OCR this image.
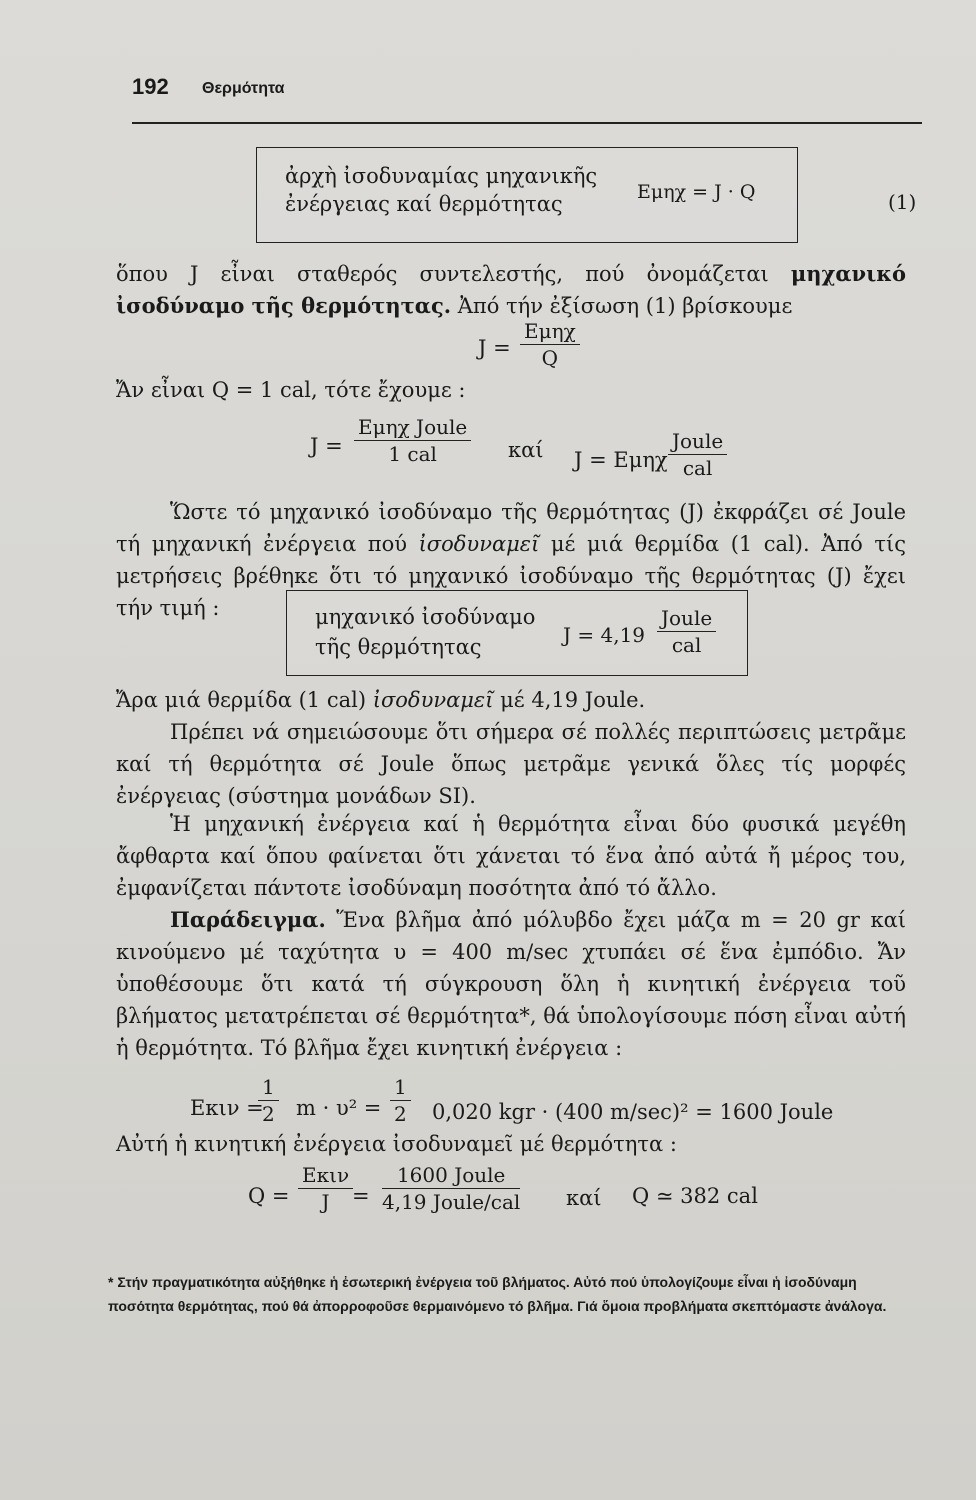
192 Θερμότητα
ἀρχὴ ἰσοδυναμίας μηχανικῆς
ἐνέργειας καί θερμότητας	Eμηχ = J · Q	(1)
ὅπου J εἶναι σταθερός συντελεστής, πού ὀνομάζεται μηχανικό ἰσοδύναμο τῆς θερμότητας. Ἀπό τήν ἐξίσωση (1) βρίσκουμε
J =
Eμηχ
Q
Ἄν εἶναι Q = 1 cal, τότε ἔχουμε :
J =
Eμηχ Joule
1 cal	καί J = Eμηχ
Joule
cal
Ὥστε τό μηχανικό ἰσοδύναμο τῆς θερμότητας (J) ἐκφράζει σέ Joule τή μηχανική ἐνέργεια πού ἰσοδυναμεῖ μέ μιά θερμίδα (1 cal). Ἀπό τίς μετρήσεις βρέθηκε ὅτι τό μηχανικό ἰσοδύναμο τῆς θερμότητας (J) ἔχει τήν τιμή :	μηχανικό ἰσοδύναμο
τῆς θερμότητας	J = 4,19
Joule
cal
Ἄρα μιά θερμίδα (1 cal) ἰσοδυναμεῖ μέ 4,19 Joule.
Πρέπει νά σημειώσουμε ὅτι σήμερα σέ πολλές περιπτώσεις μετρᾶμε καί τή θερμότητα σέ Joule ὅπως μετρᾶμε γενικά ὅλες τίς μορφές ἐνέργειας (σύστημα μονάδων SI).
Ἡ μηχανική ἐνέργεια καί ἡ θερμότητα εἶναι δύο φυσικά μεγέθη ἄφθαρτα καί ὅπου φαίνεται ὅτι χάνεται τό ἕνα ἀπό αὐτά ἤ μέρος του, ἐμφανίζεται πάντοτε ἰσοδύναμη ποσότητα ἀπό τό ἄλλο.
Παράδειγμα. Ἕνα βλῆμα ἀπό μόλυβδο ἔχει μάζα m = 20 gr καί κινούμενο μέ ταχύτητα υ = 400 m/sec χτυπάει σέ ἕνα ἐμπόδιο. Ἄν ὑποθέσουμε ὅτι κατά τή σύγκρουση ὅλη ἡ κινητική ἐνέργεια τοῦ βλήματος μετατρέπεται σέ θερμότητα*, θά ὑπολογίσουμε πόση εἶναι αὐτή ἡ θερμότητα. Τό βλῆμα ἔχει κινητική ἐνέργεια :
Eκιν =
$\frac{1}{2}$ $m \cdot \upsilon^2 = \frac{1}{2} 0,020$ kgr · (400 m/sec)² = 1600 Joule
Αὐτή ἡ κινητική ἐνέργεια ἰσοδυναμεῖ μέ θερμότητα :
Q =
Eκιν
J	=
1600 Joule
4,19 Joule/cal καί Q ≃ 382 cal
* Στήν πραγματικότητα αὐξήθηκε ἡ ἐσωτερική ἐνέργεια τοῦ βλήματος. Αὐτό πού ὑπολογίζουμε εἶναι ἡ ἰσοδύναμη ποσότητα θερμότητας, πού θά ἀπορροφοῦσε θερμαινόμενο τό βλῆμα. Γιά ὅμοια προβλήματα σκεπτόμαστε ἀνάλογα.
